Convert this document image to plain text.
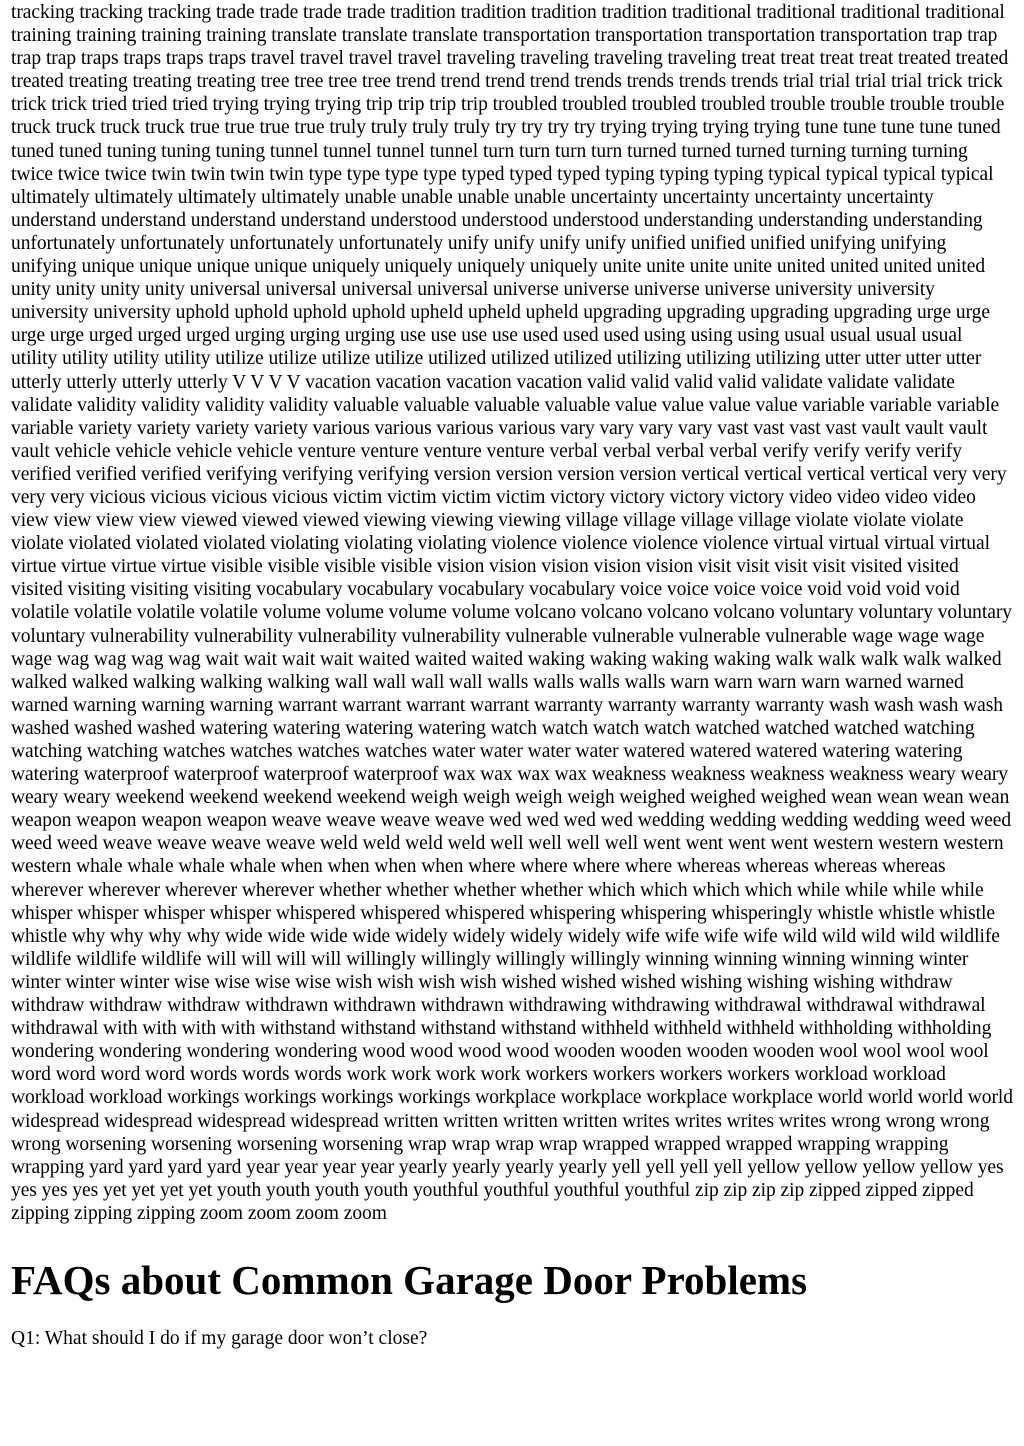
tracking tracking tracking trade trade trade trade tradition tradition tradition tradition traditional traditional traditional traditional training training training training translate translate translate transportation transportation transportation transportation trap trap trap trap traps traps traps traps travel travel travel travel traveling traveling traveling traveling treat treat treat treat treated treated treated treating treating treating tree tree tree tree trend trend trend trend trends trends trends trends trial trial trial trial trick trick trick trick tried tried tried trying trying trying trip trip trip trip troubled troubled troubled troubled trouble trouble trouble trouble truck truck truck truck true true true true truly truly truly truly try try try try trying trying trying trying tune tune tune tune tuned tuned tuned tuning tuning tuning tunnel tunnel tunnel tunnel turn turn turn turn turned turned turned turning turning turning twice twice twice twin twin twin twin type type type type typed typed typed typing typing typing typical typical typical typical ultimately ultimately ultimately ultimately unable unable unable unable uncertainty uncertainty uncertainty uncertainty understand understand understand understand understood understood understood understanding understanding understanding unfortunately unfortunately unfortunately unfortunately unify unify unify unify unified unified unified unifying unifying unifying unique unique unique unique uniquely uniquely uniquely uniquely unite unite unite unite united united united united unity unity unity unity universal universal universal universal universe universe universe universe university university university university uphold uphold uphold uphold upheld upheld upheld upgrading upgrading upgrading upgrading urge urge urge urge urged urged urged urging urging urging use use use use used used used using using using usual usual usual usual utility utility utility utility utilize utilize utilize utilize utilized utilized utilized utilizing utilizing utilizing utter utter utter utter utterly utterly utterly utterly V V V V vacation vacation vacation vacation valid valid valid valid validate validate validate validate validity validity validity validity valuable valuable valuable valuable value value value value variable variable variable variable variety variety variety variety various various various various vary vary vary vary vast vast vast vast vault vault vault vault vehicle vehicle vehicle vehicle venture venture venture venture verbal verbal verbal verbal verify verify verify verify verified verified verified verifying verifying verifying version version version version vertical vertical vertical vertical very very very very vicious vicious vicious vicious victim victim victim victim victory victory victory victory video video video video view view view view viewed viewed viewed viewing viewing viewing village village village village violate violate violate violate violated violated violated violating violating violating violence violence violence violence virtual virtual virtual virtual virtue virtue virtue virtue visible visible visible visible vision vision vision vision vision visit visit visit visit visited visited visited visiting visiting visiting vocabulary vocabulary vocabulary vocabulary voice voice voice voice void void void void volatile volatile volatile volatile volume volume volume volume volcano volcano volcano volcano voluntary voluntary voluntary voluntary vulnerability vulnerability vulnerability vulnerability vulnerable vulnerable vulnerable vulnerable wage wage wage wage wag wag wag wag wait wait wait wait waited waited waited waking waking waking waking walk walk walk walk walked walked walked walking walking walking wall wall wall wall walls walls walls walls warn warn warn warn warned warned warned warning warning warning warrant warrant warrant warrant warranty warranty warranty warranty wash wash wash wash washed washed washed watering watering watering watering watch watch watch watch watched watched watched watching watching watching watches watches watches watches water water water water watered watered watered watering watering watering waterproof waterproof waterproof waterproof wax wax wax wax weakness weakness weakness weakness weary weary weary weary weekend weekend weekend weekend weigh weigh weigh weigh weighed weighed weighed wean wean wean wean weapon weapon weapon weapon weave weave weave weave wed wed wed wed wedding wedding wedding wedding weed weed weed weed weave weave weave weave weld weld weld weld well well well well went went went went western western western western whale whale whale whale when when when when where where where where whereas whereas whereas whereas wherever wherever wherever wherever whether whether whether whether which which which which while while while while whisper whisper whisper whisper whispered whispered whispered whispering whispering whisperingly whistle whistle whistle whistle why why why why wide wide wide wide widely widely widely widely wife wife wife wife wild wild wild wild wildlife wildlife wildlife wildlife will will will will willingly willingly willingly willingly winning winning winning winning winter winter winter winter wise wise wise wise wish wish wish wish wished wished wished wishing wishing wishing withdraw withdraw withdraw withdraw withdrawn withdrawn withdrawn withdrawing withdrawing withdrawal withdrawal withdrawal withdrawal with with with with withstand withstand withstand withstand withheld withheld withheld withholding withholding wondering wondering wondering wondering wood wood wood wood wooden wooden wooden wooden wool wool wool wool word word word word words words words work work work work workers workers workers workers workload workload workload workload workings workings workings workings workplace workplace workplace workplace world world world world widespread widespread widespread widespread written written written written writes writes writes writes wrong wrong wrong wrong worsening worsening worsening worsening wrap wrap wrap wrap wrapped wrapped wrapped wrapping wrapping wrapping yard yard yard yard year year year year yearly yearly yearly yearly yell yell yell yell yellow yellow yellow yellow yes yes yes yes yet yet yet yet youth youth youth youth youthful youthful youthful youthful zip zip zip zip zipped zipped zipped zipping zipping zipping zoom zoom zoom zoom

FAQs about Common Garage Door Problems

Q1: What should I do if my garage door won’t close?
